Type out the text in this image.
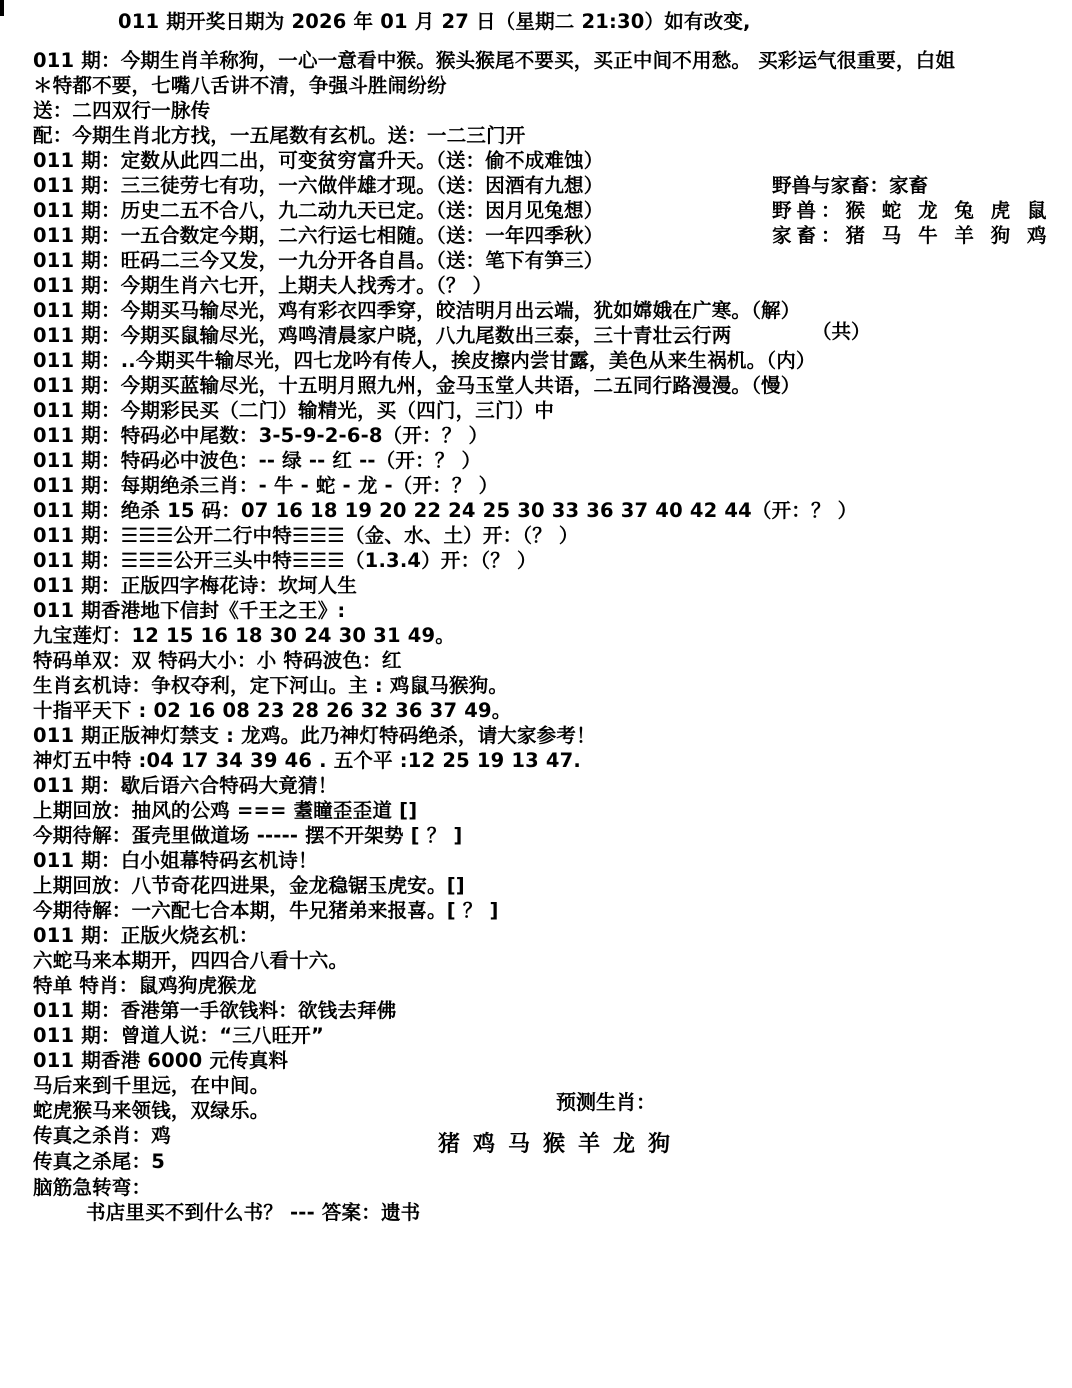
011 期开奖日期为 2026 年 01 月 27 日（星期二 21:30）如有改变,
011 期：今期生肖羊称狗，一心一意看中猴。猴头猴尾不要买，买正中间不用愁。 买彩运气很重要，白姐
＊特都不要，七嘴八舌讲不清，争强斗胜闹纷纷
送：二四双行一脉传
配：今期生肖北方找，一五尾数有玄机。送：一二三门开
011 期：定数从此四二出，可变贫穷富升天。（送：偷不成难蚀）
011 期：三三徒劳七有功，一六做伴雄才现。（送：因酒有九想）
011 期：历史二五不合八，九二动九天已定。（送：因月见兔想）
011 期：一五合数定今期，二六行运七相随。（送：一年四季秋）
011 期：旺码二三今又发，一九分开各自昌。（送：笔下有笋三）
011 期：今期生肖六七开，上期夫人找秀才。（？ ）
011 期：今期买马输尽光，鸡有彩衣四季穿，皎洁明月出云端，犹如嫦娥在广寒。（解）
011 期：今期买鼠输尽光，鸡鸣清晨家户晓，八九尾数出三泰，三十青壮云行两
011 期：..今期买牛输尽光，四七龙吟有传人，挨皮擦内尝甘露，美色从来生祸机。（内）
011 期：今期买蓝输尽光，十五明月照九州，金马玉堂人共语，二五同行路漫漫。（慢）
011 期：今期彩民买（二门）输精光，买（四门，三门）中
011 期：特码必中尾数：3-5-9-2-6-8（开：？ ）
011 期：特码必中波色：-- 绿 -- 红 --（开：？ ）
011 期：每期绝杀三肖：- 牛 - 蛇 - 龙 -（开：？ ）
011 期：绝杀 15 码：07 16 18 19 20 22 24 25 30 33 36 37 40 42 44（开：？ ）
011 期：☰☰☰公开二行中特☰☰☰（金、水、土）开：（？ ）
011 期：☰☰☰公开三头中特☰☰☰（1.3.4）开：（？ ）
011 期：正版四字梅花诗：坎坷人生
011 期香港地下信封《千王之王》:
九宝莲灯：12 15 16 18 30 24 30 31 49。
特码单双：双 特码大小：小 特码波色：红
生肖玄机诗：争权夺利，定下河山。主 : 鸡鼠马猴狗。
十指平天下 : 02 16 08 23 28 26 32 36 37 49。
011 期正版神灯禁支 : 龙鸡。此乃神灯特码绝杀，请大家参考！
神灯五中特 :04 17 34 39 46 . 五个平 :12 25 19 13 47.
011 期：歇后语六合特码大竟猜！
上期回放：抽风的公鸡 === 耋瞳歪歪道 []
今期待解：蛋壳里做道场 ----- 摆不开架势 [ ？ ]
011 期：白小姐幕特码玄机诗！
上期回放：八节奇花四进果，金龙稳锯玉虎安。[]
今期待解：一六配七合本期，牛兄猪弟来报喜。[ ？ ]
011 期：正版火烧玄机：
六蛇马来本期开，四四合八看十六。
特单 特肖：鼠鸡狗虎猴龙
011 期：香港第一手欲钱料：欲钱去拜佛
011 期：曾道人说：“三八旺开”
011 期香港 6000 元传真料
马后来到千里远，在中间。
蛇虎猴马来领钱，双绿乐。
传真之杀肖：鸡
传真之杀尾：5
脑筋急转弯：
书店里买不到什么书？ --- 答案：遗书
（共）
野兽与家畜：家畜
野兽：猴 蛇 龙 兔 虎 鼠
家畜：猪 马 牛 羊 狗 鸡
预测生肖：
猪鸡马猴羊龙狗
